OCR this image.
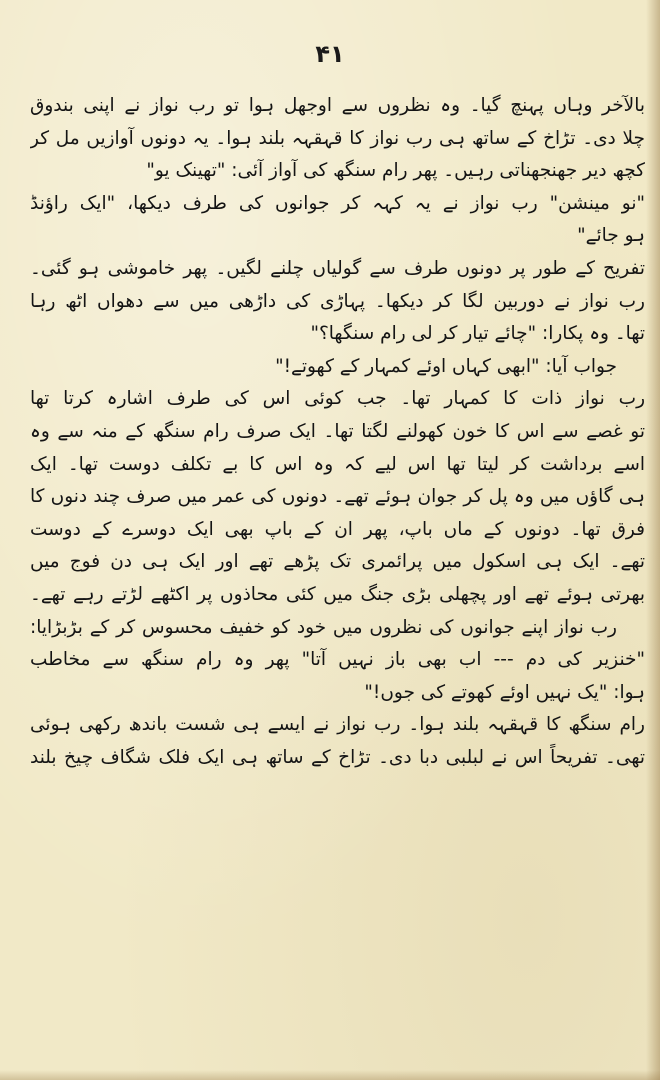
۴۱
بالآخر وہاں پہنچ گیا۔ وہ نظروں سے اوجھل ہوا تو رب نواز نے اپنی بندوق
چلا دی۔ تڑاخ کے ساتھ ہی رب نواز کا قہقہہ بلند ہوا۔ یہ دونوں آوازیں مل کر
کچھ دیر جھنجھناتی رہیں۔ پھر رام سنگھ کی آواز آئی: "تھینک یو"
"نو مینشن" رب نواز نے یہ کہہ کر جوانوں کی طرف دیکھا، "ایک راؤنڈ
ہو جائے"
تفریح کے طور پر دونوں طرف سے گولیاں چلنے لگیں۔ پھر خاموشی ہو گئی۔
رب نواز نے دوربین لگا کر دیکھا۔ پہاڑی کی داڑھی میں سے دھواں اٹھ رہا
تھا۔ وہ پکارا: "چائے تیار کر لی رام سنگھا؟"
جواب آیا: "ابھی کہاں اوئے کمہار کے کھوتے!"
رب نواز ذات کا کمہار تھا۔ جب کوئی اس کی طرف اشارہ کرتا تھا
تو غصے سے اس کا خون کھولنے لگتا تھا۔ ایک صرف رام سنگھ کے منہ سے وہ
اسے برداشت کر لیتا تھا اس لیے کہ وہ اس کا بے تکلف دوست تھا۔ ایک
ہی گاؤں میں وہ پل کر جوان ہوئے تھے۔ دونوں کی عمر میں صرف چند دنوں کا
فرق تھا۔ دونوں کے ماں باپ، پھر ان کے باپ بھی ایک دوسرے کے دوست
تھے۔ ایک ہی اسکول میں پرائمری تک پڑھے تھے اور ایک ہی دن فوج میں
بھرتی ہوئے تھے اور پچھلی بڑی جنگ میں کئی محاذوں پر اکٹھے لڑتے رہے تھے۔
رب نواز اپنے جوانوں کی نظروں میں خود کو خفیف محسوس کر کے بڑبڑایا:
"خنزیر کی دم --- اب بھی باز نہیں آتا" پھر وہ رام سنگھ سے مخاطب
ہوا: "یک نہیں اوئے کھوتے کی جوں!"
رام سنگھ کا قہقہہ بلند ہوا۔ رب نواز نے ایسے ہی شست باندھ رکھی ہوئی
تھی۔ تفریحاً اس نے لبلبی دبا دی۔ تڑاخ کے ساتھ ہی ایک فلک شگاف چیخ بلند
